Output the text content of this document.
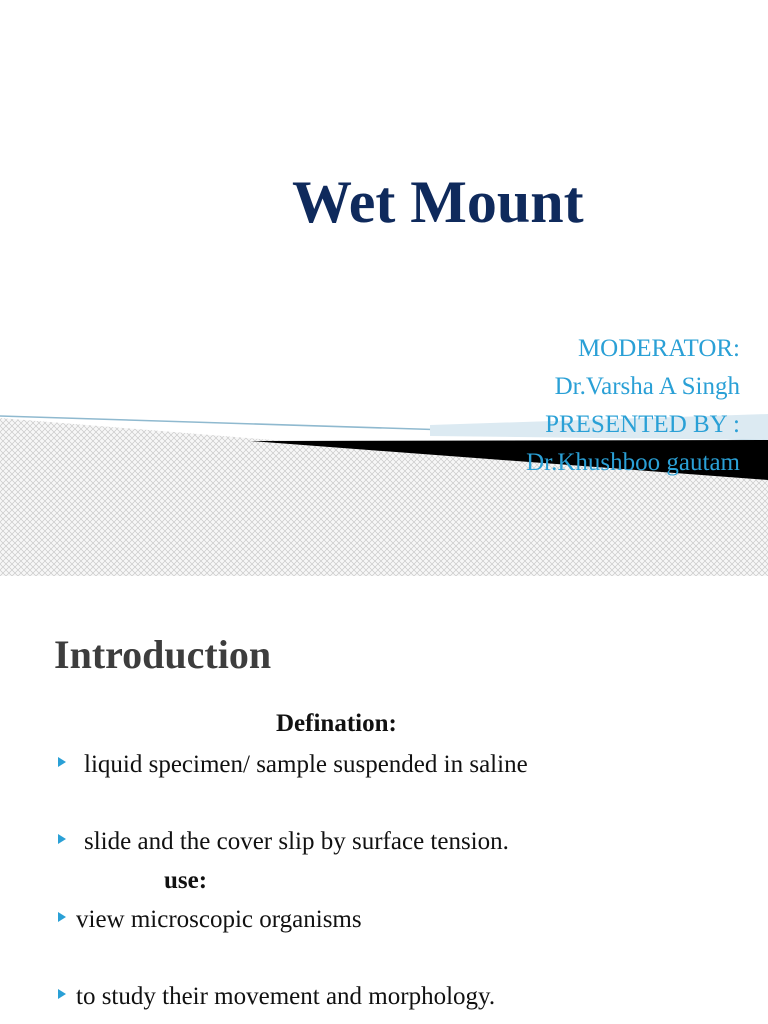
Wet Mount
MODERATOR:
Dr.Varsha A Singh
PRESENTED BY :
Dr.Khushboo gautam
Introduction
Defination:
liquid specimen/ sample suspended in saline
slide and the cover slip by surface tension.
use:
view microscopic organisms
to study their movement and morphology.
